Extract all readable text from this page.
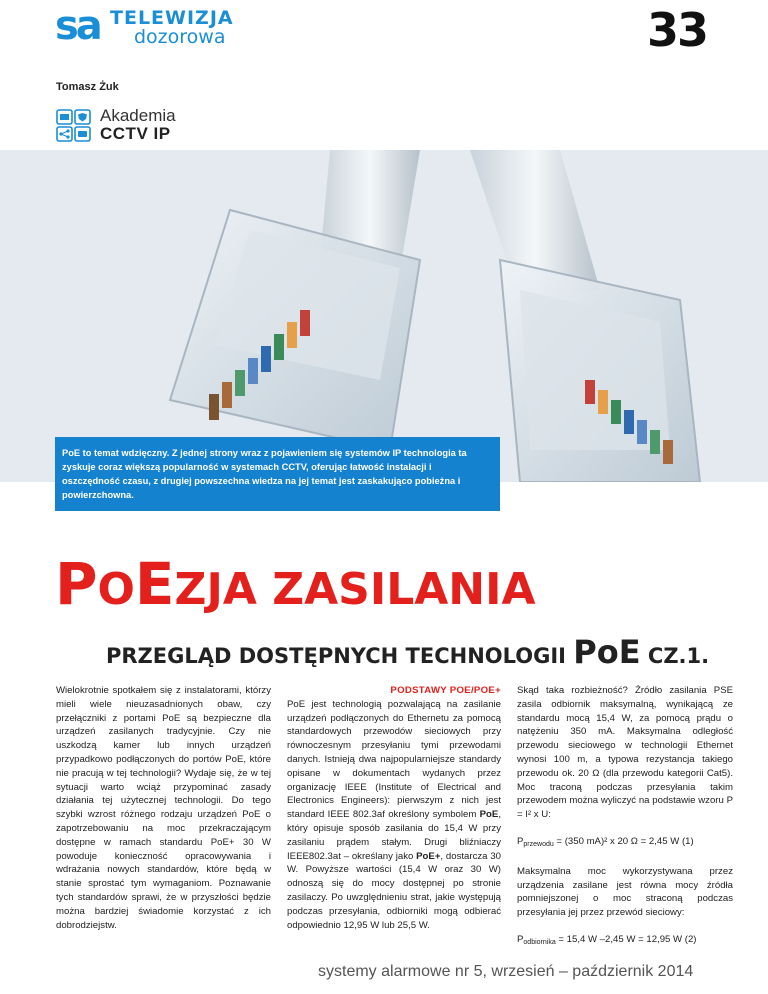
sa TELEWIZJA
dozorowa	33
Tomasz Żuk
Akademia
CCTV IP
PoE to temat wdzięczny. Z jednej strony wraz z pojawieniem się systemów IP technologia ta zyskuje coraz większą popularność w systemach CCTV, oferując łatwość instalacji i oszczędność czasu, z drugiej powszechna wiedza na jej temat jest zaskakująco pobieżna i powierzchowna.
POEZJA ZASILANIA
PRZEGLĄD DOSTĘPNYCH TECHNOLOGII PoE CZ.1.
Wielokrotnie spotkałem się z instalatorami, którzy mieli wiele nieuzasadnionych obaw, czy przełączniki z portami PoE są bezpieczne dla urządzeń zasilanych tradycyjnie. Czy nie uszkodzą kamer lub innych urządzeń przypadkowo podłączonych do portów PoE, które nie pracują w tej technologii? Wydaje się, że w tej sytuacji warto wciąż przypominać zasady działania tej użytecznej technologii. Do tego szybki wzrost różnego rodzaju urządzeń PoE o zapotrzebowaniu na moc przekraczającym dostępne w ramach standardu PoE+ 30 W powoduje konieczność opracowywania i wdrażania nowych standardów, które będą w stanie sprostać tym wymaganiom. Poznawanie tych standardów sprawi, że w przyszłości będzie można bardziej świadomie korzystać z ich dobrodziejstw.
PODSTAWY POE/POE+
PoE jest technologią pozwalającą na zasilanie urządzeń podłączonych do Ethernetu za pomocą standardowych przewodów sieciowych przy równoczesnym przesyłaniu tymi przewodami danych. Istnieją dwa najpopularniejsze standardy opisane w dokumentach wydanych przez organizację IEEE (Institute of Electrical and Electronics Engineers): pierwszym z nich jest standard IEEE 802.3af określony symbolem PoE, który opisuje sposób zasilania do 15,4 W przy zasilaniu prądem stałym. Drugi bliźniaczy IEEE802.3at – określany jako PoE+, dostarcza 30 W. Powyższe wartości (15,4 W oraz 30 W) odnoszą się do mocy dostępnej po stronie zasilaczy. Po uwzględnieniu strat, jakie występują podczas przesyłania, odbiorniki mogą odbierać odpowiednio 12,95 W lub 25,5 W.
Skąd taka rozbieżność? Źródło zasilania PSE zasila odbiornik maksymalną, wynikającą ze standardu mocą 15,4 W, za pomocą prądu o natężeniu 350 mA. Maksymalna odległość przewodu sieciowego w technologii Ethernet wynosi 100 m, a typowa rezystancja takiego przewodu ok. 20 Ω (dla przewodu kategorii Cat5). Moc traconą podczas przesyłania takim przewodem można wyliczyć na podstawie wzoru P = I² x U:
$P_{przewodu} = (350$ mA)² x 20 Ω = 2,45 W (1)
Maksymalna moc wykorzystywana przez urządzenia zasilane jest równa mocy źródła pomniejszonej o moc straconą podczas przesyłania jej przez przewód sieciowy:
$P_{odbiornika} = 15,4$ W –2,45 W = 12,95 W (2)
systemy alarmowe nr 5, wrzesień – październik 2014
